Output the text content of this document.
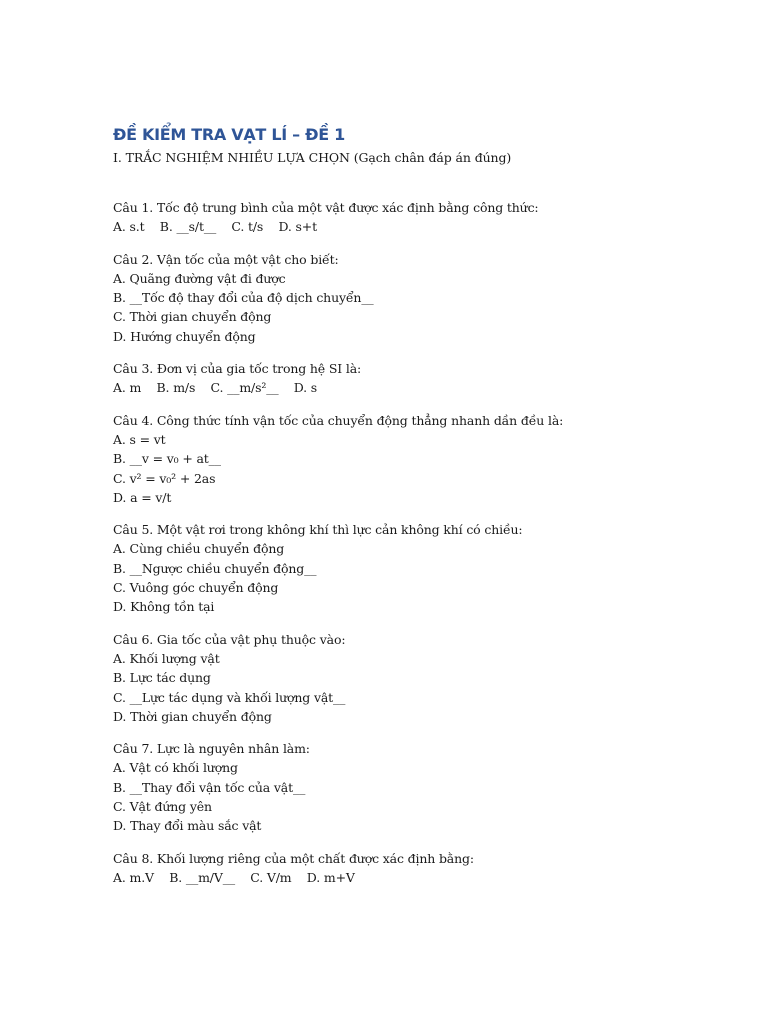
ĐỀ KIỂM TRA VẠT LÍ – ĐỀ 1
I. TRẮC NGHIỆM NHIỀU LỰA CHỌN (Gạch chân đáp án đúng)
Câu 1. Tốc độ trung bình của một vật được xác định bằng công thức:
A. s.t    B. __s/t__    C. t/s    D. s+t
Câu 2. Vận tốc của một vật cho biết:
A. Quãng đường vật đi được
B. __Tốc độ thay đổi của độ dịch chuyển__
C. Thời gian chuyển động
D. Hướng chuyển động
Câu 3. Đơn vị của gia tốc trong hệ SI là:
A. m    B. m/s    C. __m/s²__    D. s
Câu 4. Công thức tính vận tốc của chuyển động thẳng nhanh dần đều là:
A. s = vt
B. __v = v₀ + at__
C. v² = v₀² + 2as
D. a = v/t
Câu 5. Một vật rơi trong không khí thì lực cản không khí có chiều:
A. Cùng chiều chuyển động
B. __Ngược chiều chuyển động__
C. Vuông góc chuyển động
D. Không tồn tại
Câu 6. Gia tốc của vật phụ thuộc vào:
A. Khối lượng vật
B. Lực tác dụng
C. __Lực tác dụng và khối lượng vật__
D. Thời gian chuyển động
Câu 7. Lực là nguyên nhân làm:
A. Vật có khối lượng
B. __Thay đổi vận tốc của vật__
C. Vật đứng yên
D. Thay đổi màu sắc vật
Câu 8. Khối lượng riêng của một chất được xác định bằng:
A. m.V    B. __m/V__    C. V/m    D. m+V
